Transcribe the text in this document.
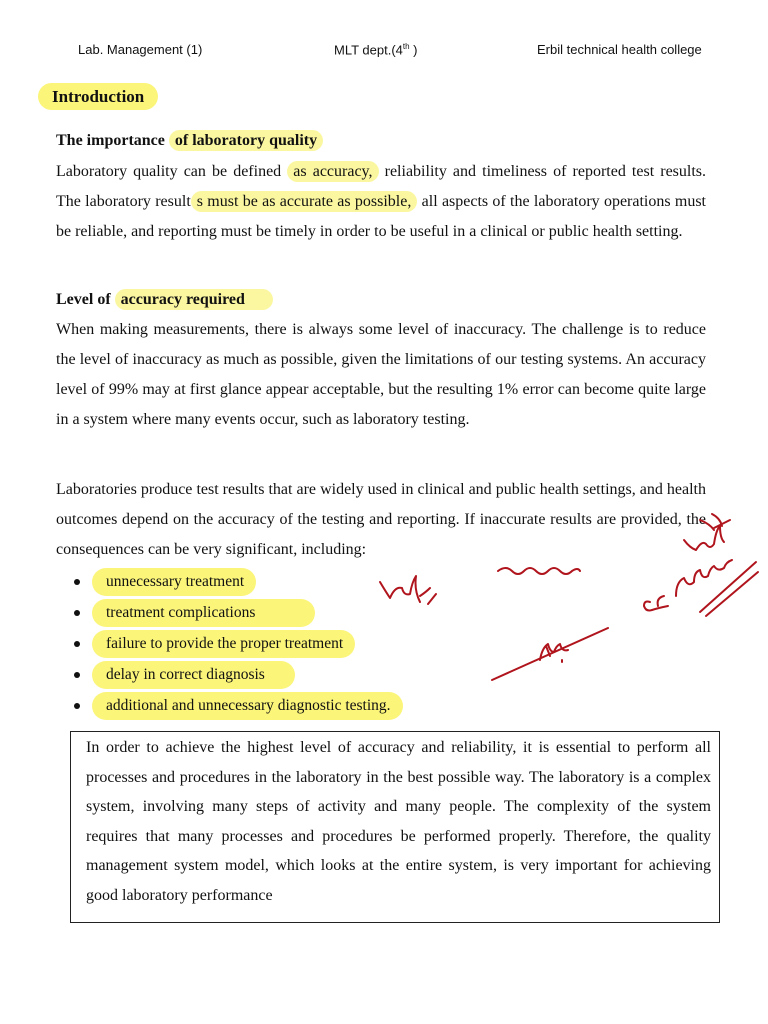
Lab. Management (1)	MLT dept.(4th )	Erbil technical health college
Introduction
The importance of laboratory quality

Laboratory quality can be defined as accuracy, reliability and timeliness of reported test results. The laboratory result s must be as accurate as possible, all aspects of the laboratory operations must be reliable, and reporting must be timely in order to be useful in a clinical or public health setting.

Level of accuracy required

When making measurements, there is always some level of inaccuracy. The challenge is to reduce the level of inaccuracy as much as possible, given the limitations of our testing systems. An accuracy level of 99% may at first glance appear acceptable, but the resulting 1% error can become quite large in a system where many events occur, such as laboratory testing.

Laboratories produce test results that are widely used in clinical and public health settings, and health outcomes depend on the accuracy of the testing and reporting. If inaccurate results are provided, the consequences can be very significant, including:

unnecessary treatment
treatment complications
failure to provide the proper treatment
delay in correct diagnosis
additional and unnecessary diagnostic testing.

In order to achieve the highest level of accuracy and reliability, it is essential to perform all processes and procedures in the laboratory in the best possible way. The laboratory is a complex system, involving many steps of activity and many people. The complexity of the system requires that many processes and procedures be performed properly. Therefore, the quality management system model, which looks at the entire system, is very important for achieving good laboratory performance
